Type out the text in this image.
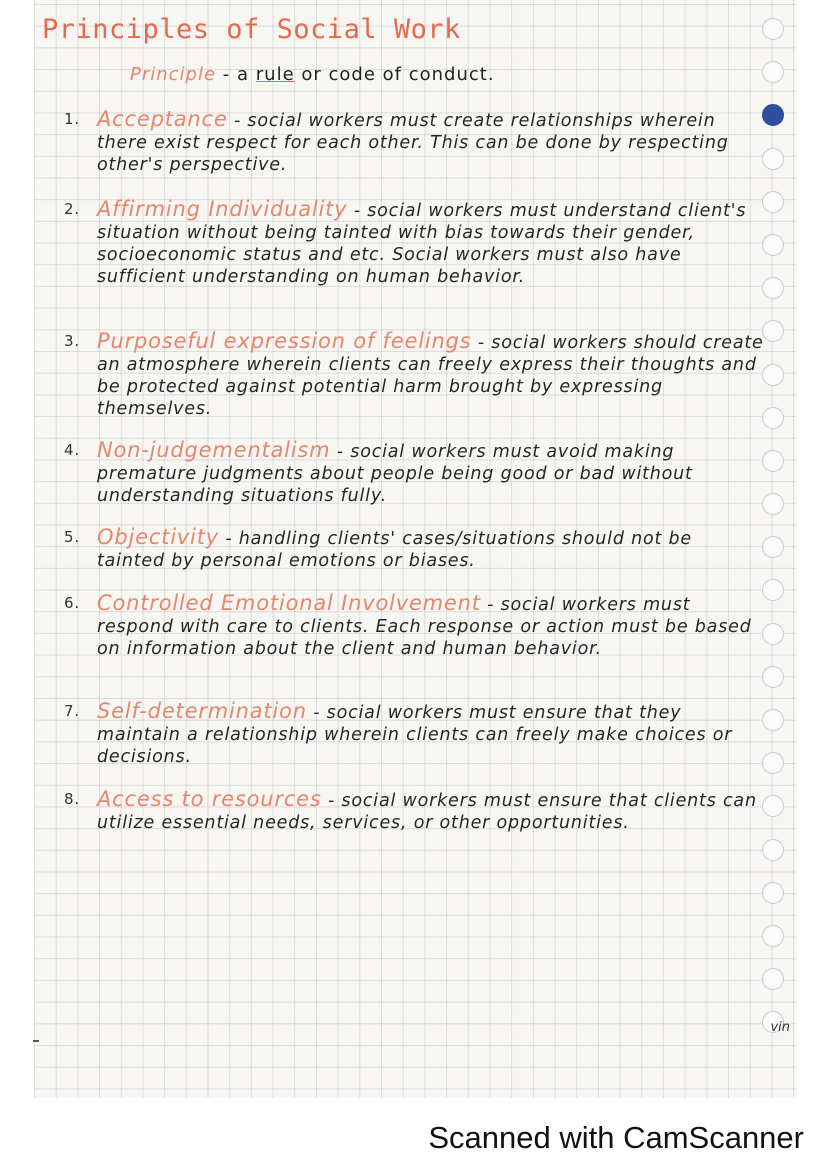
Principles of Social Work
Principle - a rule or code of conduct.
1. Acceptance - social workers must create relationships wherein there exist respect for each other. This can be done by respecting other's perspective.
2. Affirming Individuality - social workers must understand client's situation without being tainted with bias towards their gender, socioeconomic status and etc. Social workers must also have sufficient understanding on human behavior.
3. Purposeful expression of feelings - social workers should create an atmosphere wherein clients can freely express their thoughts and be protected against potential harm brought by expressing themselves.
4. Non-judgementalism - social workers must avoid making premature judgments about people being good or bad without understanding situations fully.
5. Objectivity - handling clients' cases/situations should not be tainted by personal emotions or biases.
6. Controlled Emotional Involvement - social workers must respond with care to clients. Each response or action must be based on information about the client and human behavior.
7. Self-determination - social workers must ensure that they maintain a relationship wherein clients can freely make choices or decisions.
8. Access to resources - social workers must ensure that clients can utilize essential needs, services, or other opportunities.
vin
Scanned with CamScanner
